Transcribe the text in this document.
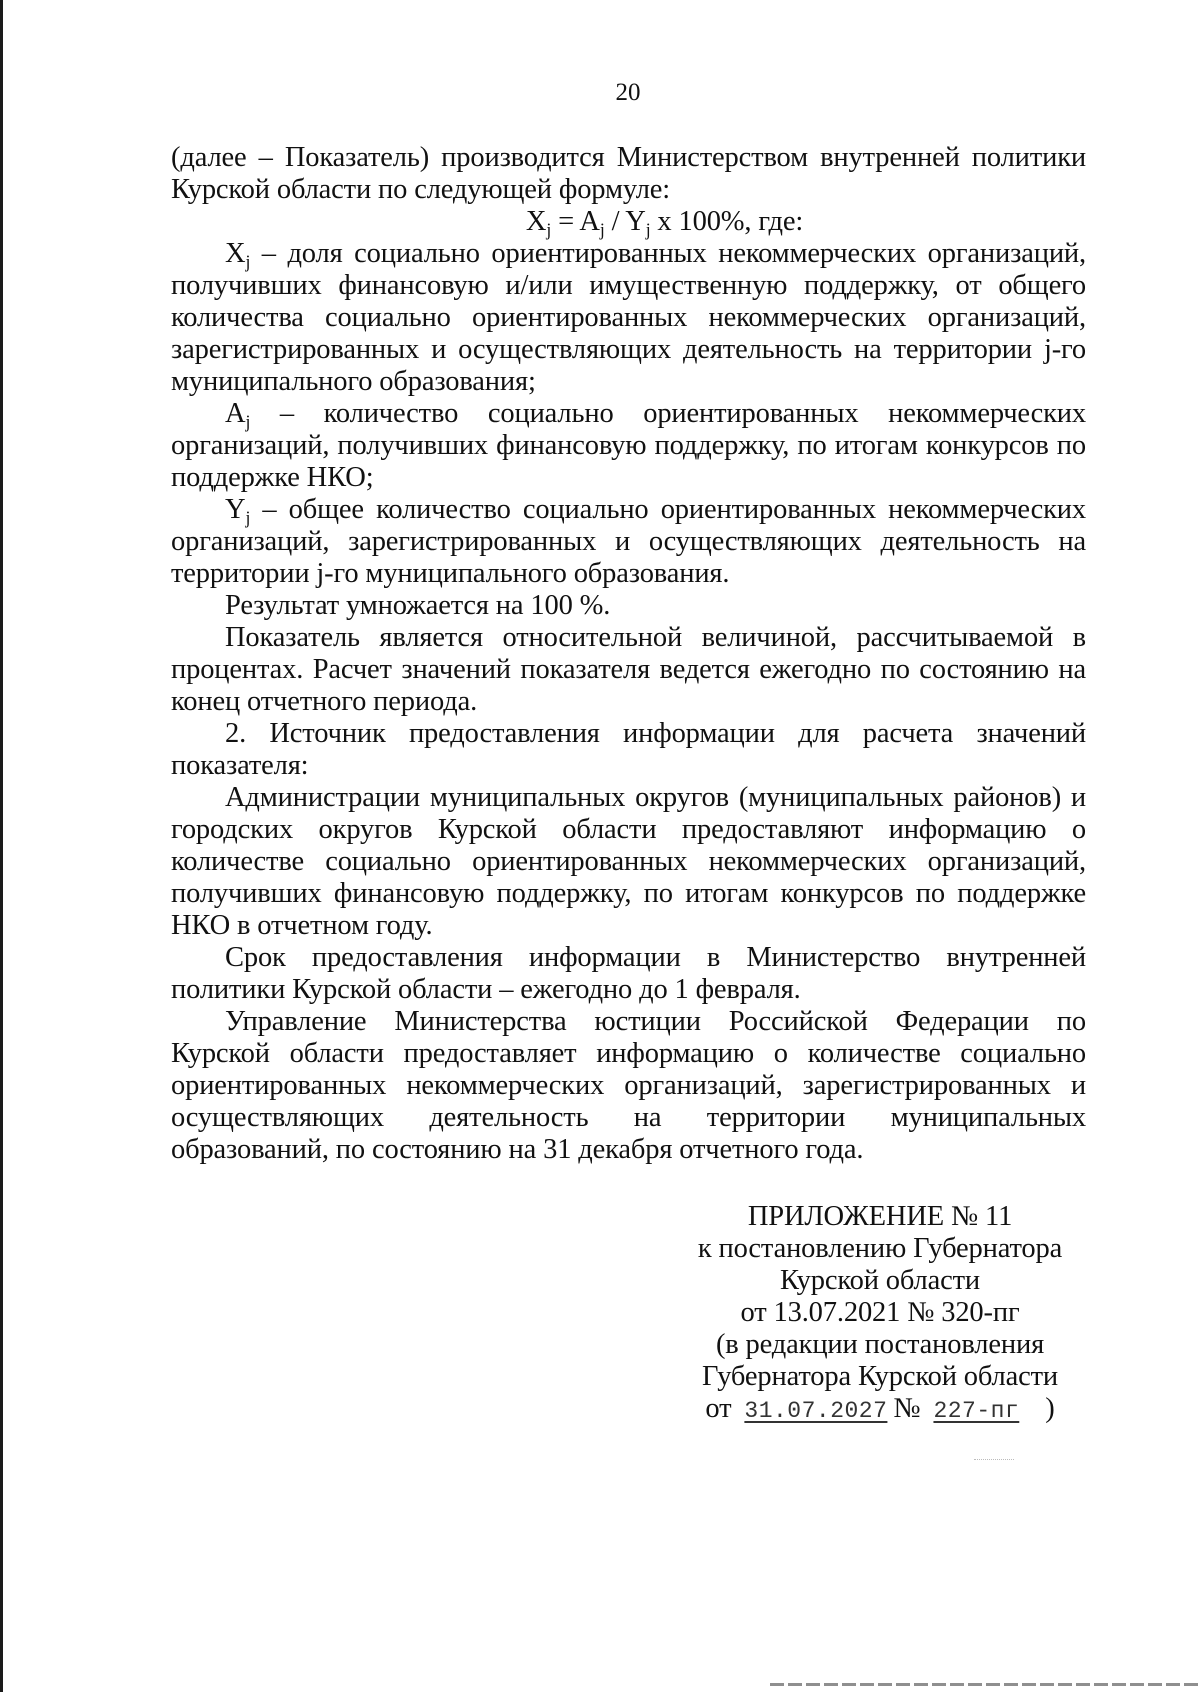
20

(далее – Показатель) производится Министерством внутренней политики Курской области по следующей формуле:

$X_j = A_j / Y_j$ x 100%, где:

$X_j$ – доля социально ориентированных некоммерческих организаций, получивших финансовую и/или имущественную поддержку, от общего количества социально ориентированных некоммерческих организаций, зарегистрированных и осуществляющих деятельность на территории j-го муниципального образования;

$A_j$ – количество социально ориентированных некоммерческих организаций, получивших финансовую поддержку, по итогам конкурсов по поддержке НКО;

$Y_j$ – общее количество социально ориентированных некоммерческих организаций, зарегистрированных и осуществляющих деятельность на территории j-го муниципального образования.

Результат умножается на 100 %.

Показатель является относительной величиной, рассчитываемой в процентах. Расчет значений показателя ведется ежегодно по состоянию на конец отчетного периода.

2. Источник предоставления информации для расчета значений показателя:

Администрации муниципальных округов (муниципальных районов) и городских округов Курской области предоставляют информацию о количестве социально ориентированных некоммерческих организаций, получивших финансовую поддержку, по итогам конкурсов по поддержке НКО в отчетном году.

Срок предоставления информации в Министерство внутренней политики Курской области – ежегодно до 1 февраля.

Управление Министерства юстиции Российской Федерации по Курской области предоставляет информацию о количестве социально ориентированных некоммерческих организаций, зарегистрированных и осуществляющих деятельность на территории муниципальных образований, по состоянию на 31 декабря отчетного года.

ПРИЛОЖЕНИЕ № 11
к постановлению Губернатора
Курской области
от 13.07.2021 № 320-пг
(в редакции постановления
Губернатора Курской области
от 31.07.2027 № 227-пг )
